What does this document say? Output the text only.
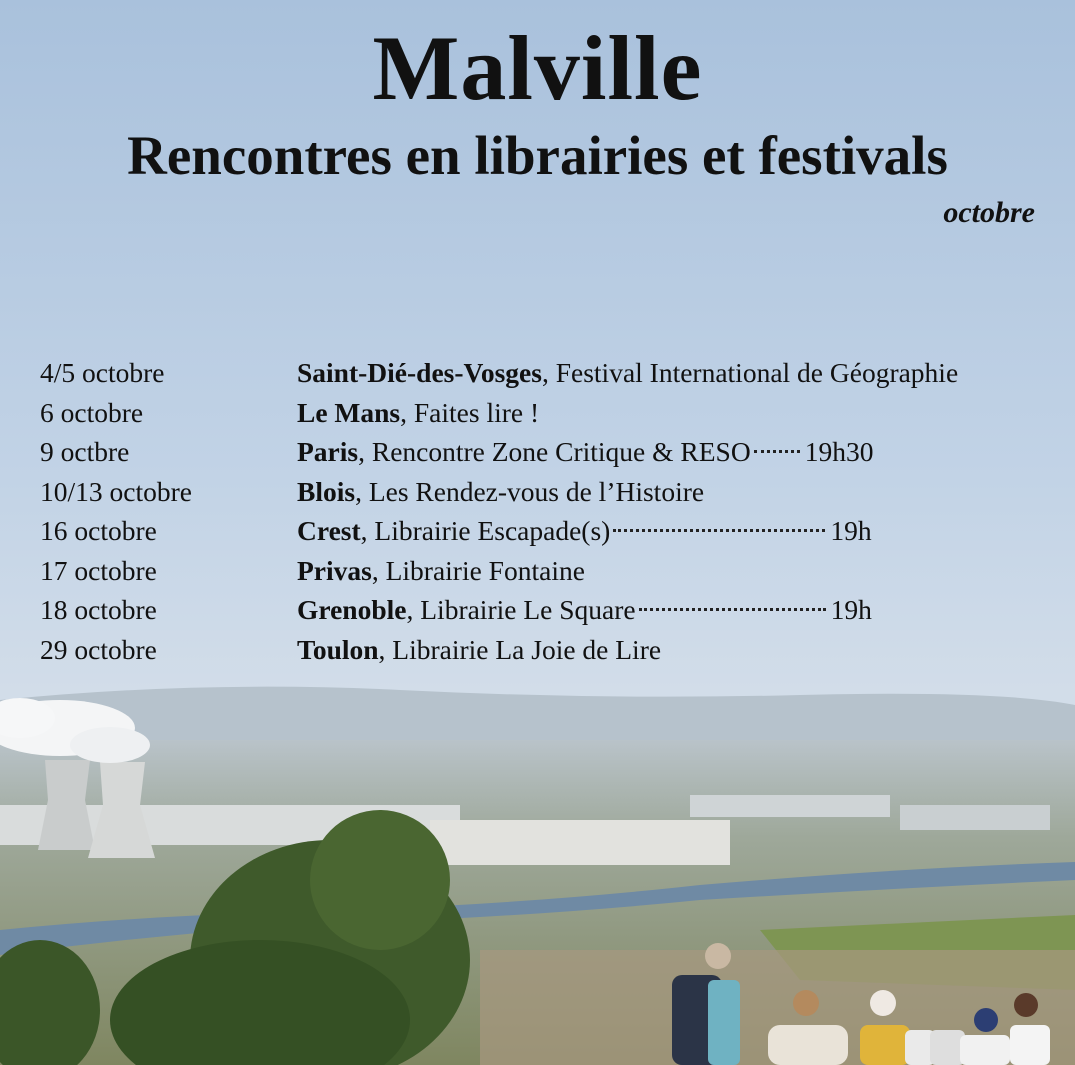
Malville
Rencontres en librairies et festivals
octobre
4/5 octobre	Saint-Dié-des-Vosges , Festival International de Géographie
6 octobre	Le Mans , Faites lire !
9 octbre	Paris , Rencontre Zone Critique & RESO 19h30
10/13 octobre	Blois , Les Rendez-vous de l’Histoire
16 octobre	Crest , Librairie Escapade(s)	19h
17 octobre	Privas , Librairie Fontaine
18 octobre	Grenoble , Librairie Le Square	19h
29 octobre	Toulon , Librairie La Joie de Lire
